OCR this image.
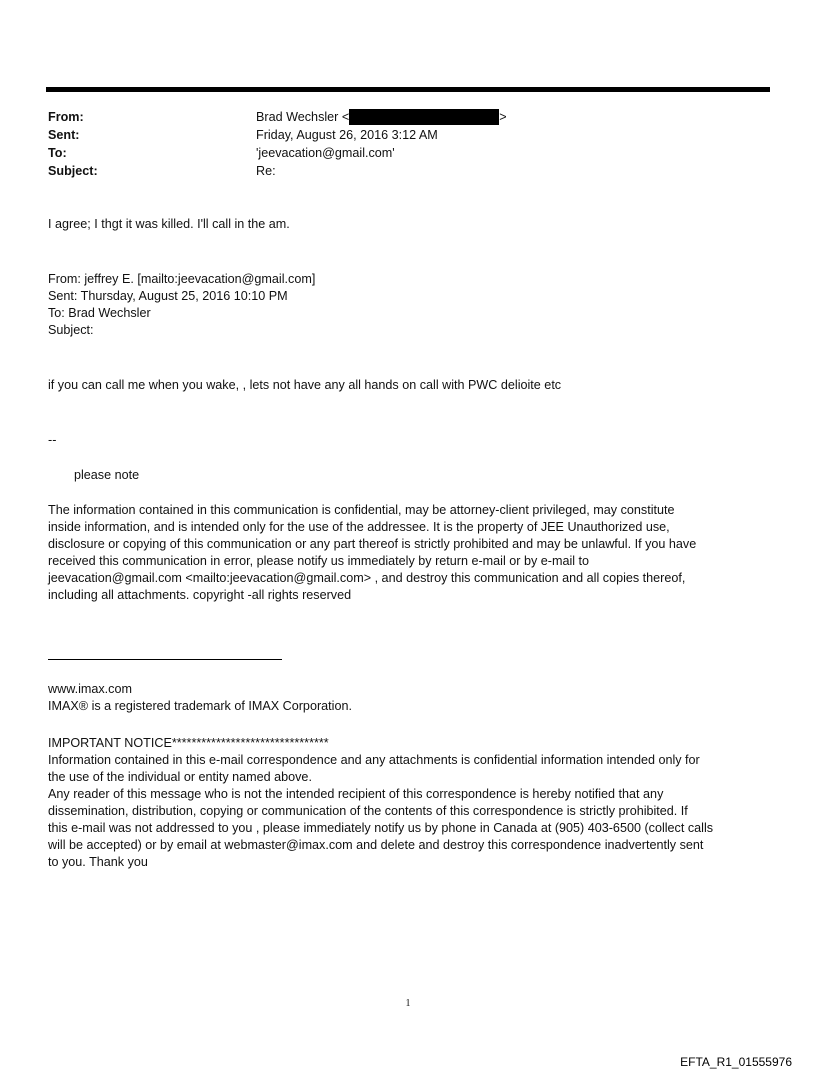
From:	Brad Wechsler <	>
Sent:	Friday, August 26, 2016 3:12 AM
To:	'jeevacation@gmail.com'
Subject:	Re:
I agree; I thgt it was killed. I'll call in the am.
From: jeffrey E. [mailto:jeevacation@gmail.com]
Sent: Thursday, August 25, 2016 10:10 PM
To: Brad Wechsler
Subject:
if you can call me when you wake, , lets not have any all hands on call with PWC delioite etc
--
please note
The information contained in this communication is confidential, may be attorney-client privileged, may constitute
inside information, and is intended only for the use of the addressee. It is the property of JEE Unauthorized use,
disclosure or copying of this communication or any part thereof is strictly prohibited and may be unlawful. If you have
received this communication in error, please notify us immediately by return e-mail or by e-mail to
jeevacation@gmail.com <mailto:jeevacation@gmail.com> , and destroy this communication and all copies thereof,
including all attachments. copyright -all rights reserved
www.imax.com
IMAX® is a registered trademark of IMAX Corporation.
IMPORTANT NOTICE********************************
Information contained in this e-mail correspondence and any attachments is confidential information intended only for
the use of the individual or entity named above.
Any reader of this message who is not the intended recipient of this correspondence is hereby notified that any
dissemination, distribution, copying or communication of the contents of this correspondence is strictly prohibited. If
this e-mail was not addressed to you , please immediately notify us by phone in Canada at (905) 403-6500 (collect calls
will be accepted) or by email at webmaster@imax.com and delete and destroy this correspondence inadvertently sent
to you. Thank you
1
EFTA_R1_01555976
